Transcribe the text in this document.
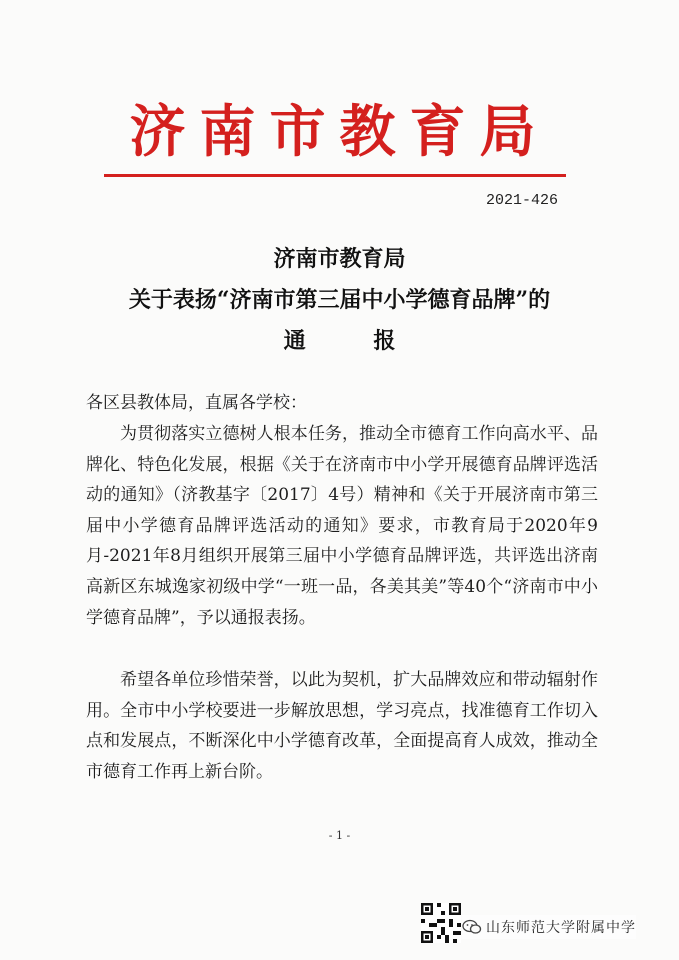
济南市教育局
2021-426
济南市教育局
关于表扬“济南市第三届中小学德育品牌”的
通 报
各区县教体局，直属各学校：
为贯彻落实立德树人根本任务，推动全市德育工作向高水平、品牌化、特色化发展，根据《关于在济南市中小学开展德育品牌评选活动的通知》（济教基字〔2017〕4号）精神和《关于开展济南市第三届中小学德育品牌评选活动的通知》要求，市教育局于2020年9月-2021年8月组织开展第三届中小学德育品牌评选，共评选出济南高新区东城逸家初级中学“一班一品，各美其美”等40个“济南市中小学德育品牌”，予以通报表扬。
希望各单位珍惜荣誉，以此为契机，扩大品牌效应和带动辐射作用。全市中小学校要进一步解放思想，学习亮点，找准德育工作切入点和发展点，不断深化中小学德育改革，全面提高育人成效，推动全市德育工作再上新台阶。
- 1 -
山东师范大学附属中学
